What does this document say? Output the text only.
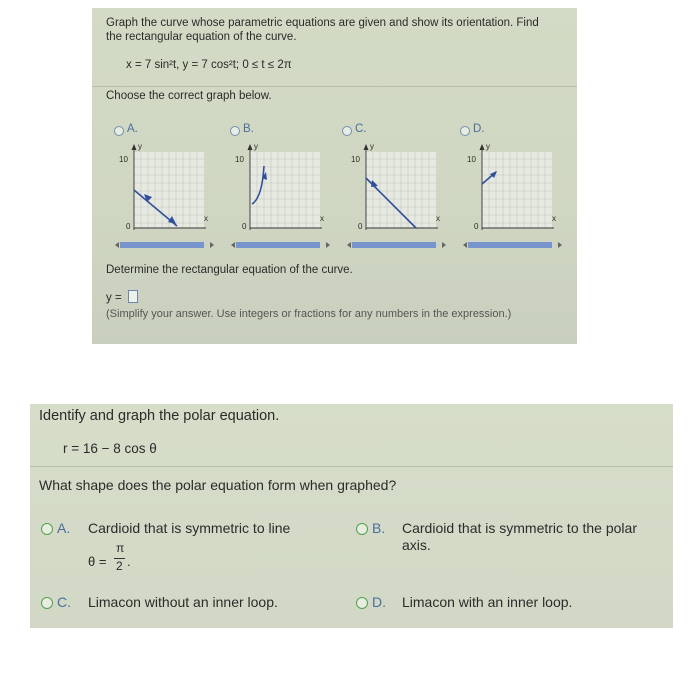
Graph the curve whose parametric equations are given and show its orientation. Find
the rectangular equation of the curve.
x = 7 sin²t, y = 7 cos²t; 0 ≤ t ≤ 2π
Choose the correct graph below.
A.	B.	C.	D.
y
10
0
x
y
10
0
x
y
10
0
x
y
10
0
x
Determine the rectangular equation of the curve.
y =
(Simplify your answer. Use integers or fractions for any numbers in the expression.)
Identify and graph the polar equation.
r = 16 − 8 cos θ
What shape does the polar equation form when graphed?
A. Cardioid that is symmetric to line
θ =
π
2 .
B. Cardioid that is symmetric to the polar
axis.
C. Limacon without an inner loop.	D. Limacon with an inner loop.
